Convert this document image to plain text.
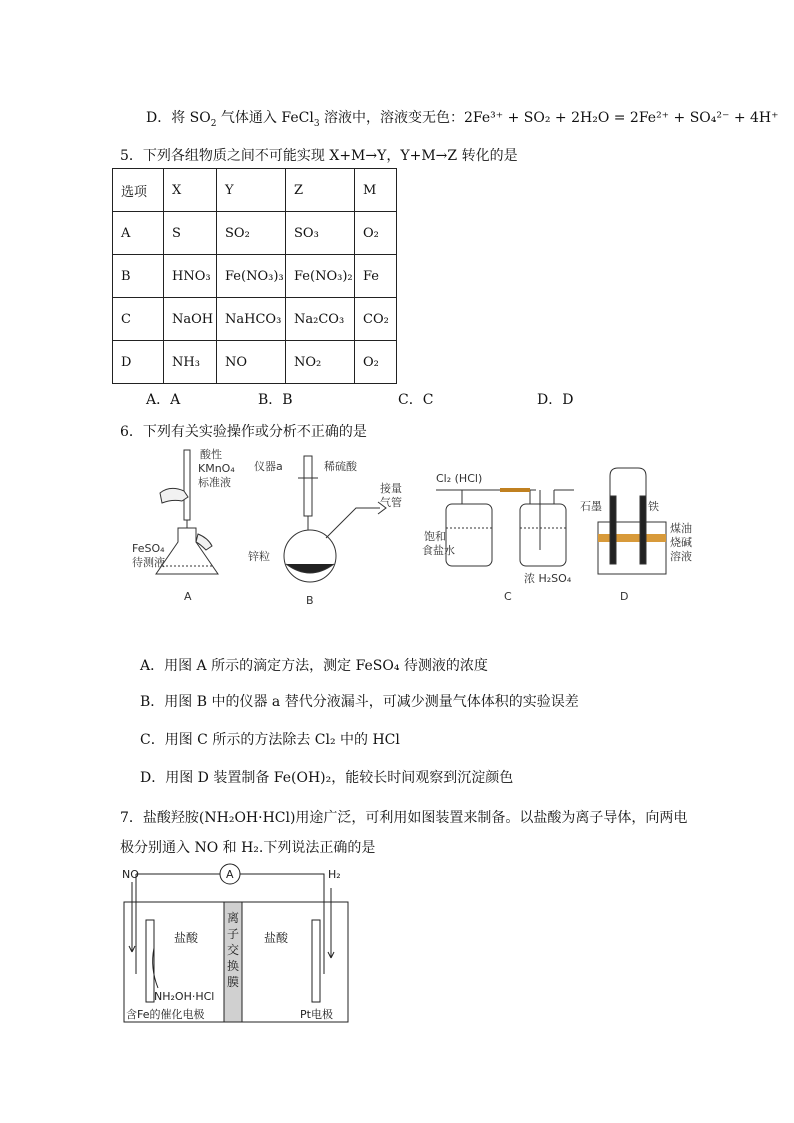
D．将 $SO_2$ 气体通入 FeCl$_3$ 溶液中，溶液变无色：2Fe³⁺ + SO₂ + 2H₂O = 2Fe²⁺ + SO₄²⁻ + 4H⁺
5．下列各组物质之间不可能实现 X+M→Y，Y+M→Z 转化的是
选项	X	Y	Z	M
A	S	SO₂	SO₃	O₂
B	HNO₃	Fe(NO₃)₃	Fe(NO₃)₂	Fe
C	NaOH	NaHCO₃	Na₂CO₃	CO₂
D	NH₃	NO	NO₂	O₂
A．A	B．B	C．C	D．D
6．下列有关实验操作或分析不正确的是
酸性
KMnO₄
标准液
FeSO₄
待测液
A
仪器a	稀硫酸
锌粒
接量
气管
B
Cl₂ (HCl)
饱和
食盐水
浓 H₂SO₄
C
石墨	铁
煤油
烧碱
溶液
D
A．用图 A 所示的滴定方法，测定 FeSO₄ 待测液的浓度
B．用图 B 中的仪器 a 替代分液漏斗，可减少测量气体体积的实验误差
C．用图 C 所示的方法除去 Cl₂ 中的 HCl
D．用图 D 装置制备 Fe(OH)₂，能较长时间观察到沉淀颜色
7．盐酸羟胺(NH₂OH·HCl)用途广泛，可利用如图装置来制备。以盐酸为离子导体，向两电
极分别通入 NO 和 H₂.下列说法正确的是
NO	H₂
A
盐酸	盐酸
离
子
交
换
膜
NH₂OH·HCl
含Fe的催化电极	Pt电极
